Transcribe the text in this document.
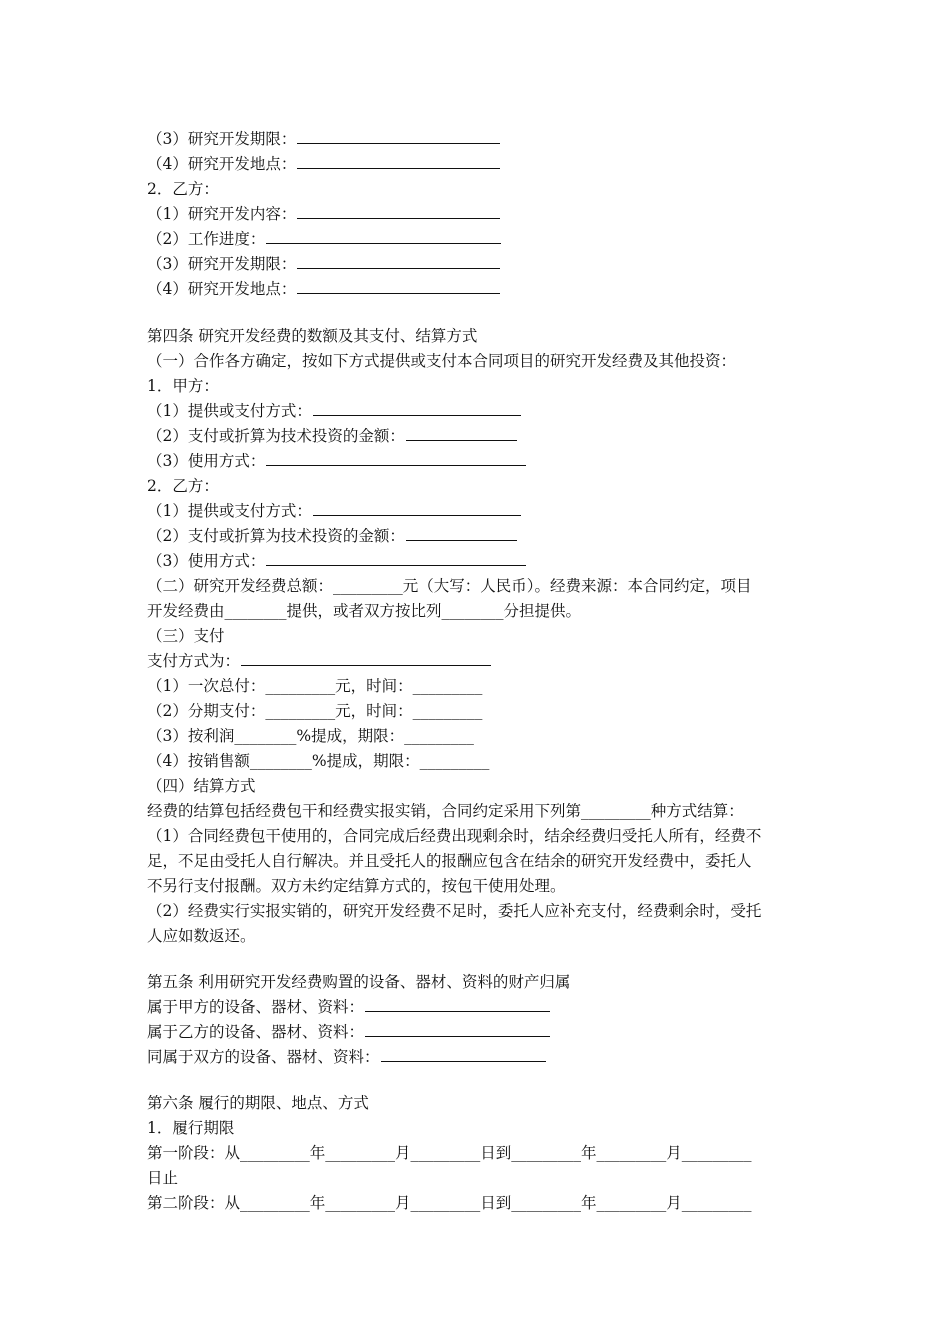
（3）研究开发期限：
（4）研究开发地点：
2．乙方：
（1）研究开发内容：
（2）工作进度：
（3）研究开发期限：
（4）研究开发地点：
第四条 研究开发经费的数额及其支付、结算方式
（一）合作各方确定，按如下方式提供或支付本合同项目的研究开发经费及其他投资：
1．甲方：
（1）提供或支付方式：
（2）支付或折算为技术投资的金额：
（3）使用方式：
2．乙方：
（1）提供或支付方式：
（2）支付或折算为技术投资的金额：
（3）使用方式：
（二）研究开发经费总额：_________元（大写：人民币）。经费来源：本合同约定，项目
开发经费由________提供，或者双方按比列________分担提供。
（三）支付
支付方式为：
（1）一次总付：_________元，时间：_________
（2）分期支付：_________元，时间：_________
（3）按利润________%提成，期限：_________
（4）按销售额________%提成，期限：_________
（四）结算方式
经费的结算包括经费包干和经费实报实销，合同约定采用下列第_________种方式结算：
（1）合同经费包干使用的，合同完成后经费出现剩余时，结余经费归受托人所有，经费不
足，不足由受托人自行解决。并且受托人的报酬应包含在结余的研究开发经费中，委托人
不另行支付报酬。双方未约定结算方式的，按包干使用处理。
（2）经费实行实报实销的，研究开发经费不足时，委托人应补充支付，经费剩余时，受托
人应如数返还。
第五条 利用研究开发经费购置的设备、器材、资料的财产归属
属于甲方的设备、器材、资料：
属于乙方的设备、器材、资料：
同属于双方的设备、器材、资料：
第六条 履行的期限、地点、方式
1．履行期限
第一阶段：从_________年_________月_________日到_________年_________月_________
日止
第二阶段：从_________年_________月_________日到_________年_________月_________
